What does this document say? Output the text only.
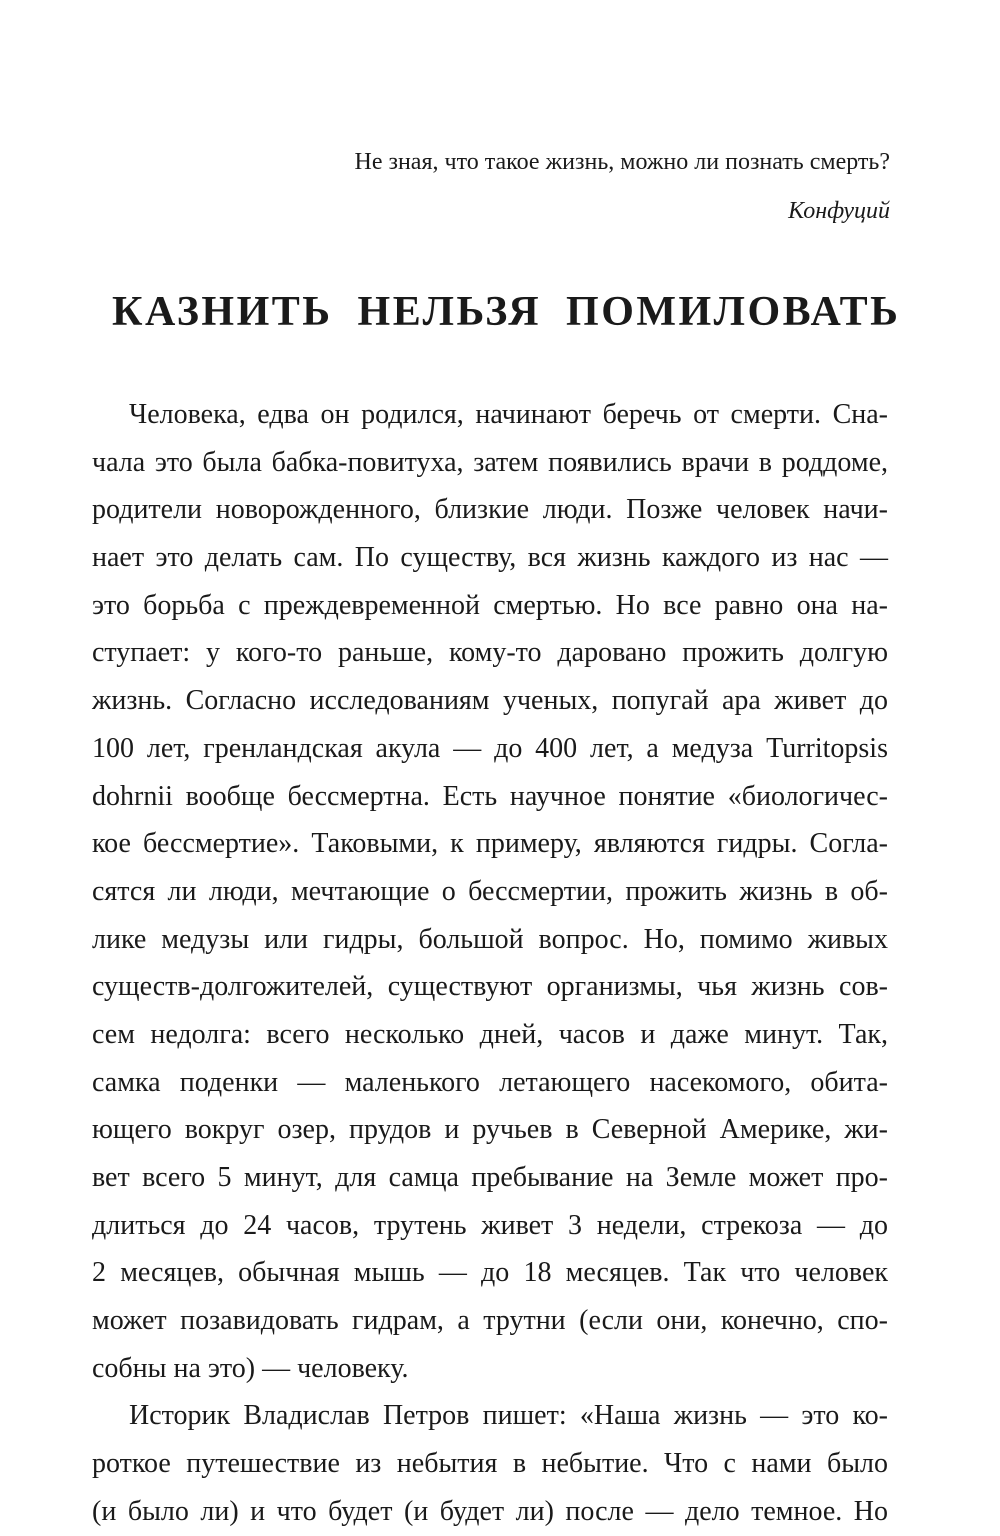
Не зная, что такое жизнь, можно ли познать смерть?
Конфуций
КАЗНИТЬ НЕЛЬЗЯ ПОМИЛОВАТЬ
Человека, едва он родился, начинают беречь от смерти. Сна-
чала это была бабка-повитуха, затем появились врачи в роддоме,
родители новорожденного, близкие люди. Позже человек начи-
нает это делать сам. По существу, вся жизнь каждого из нас —
это борьба с преждевременной смертью. Но все равно она на-
ступает: у кого-то раньше, кому-то даровано прожить долгую
жизнь. Согласно исследованиям ученых, попугай ара живет до
100 лет, гренландская акула — до 400 лет, а медуза Turritopsis
dohrnii вообще бессмертна. Есть научное понятие «биологичес-
кое бессмертие». Таковыми, к примеру, являются гидры. Согла-
сятся ли люди, мечтающие о бессмертии, прожить жизнь в об-
лике медузы или гидры, большой вопрос. Но, помимо живых
существ-долгожителей, существуют организмы, чья жизнь сов-
сем недолга: всего несколько дней, часов и даже минут. Так,
самка поденки — маленького летающего насекомого, обита-
ющего вокруг озер, прудов и ручьев в Северной Америке, жи-
вет всего 5 минут, для самца пребывание на Земле может про-
длиться до 24 часов, трутень живет 3 недели, стрекоза — до
2 месяцев, обычная мышь — до 18 месяцев. Так что человек
может позавидовать гидрам, а трутни (если они, конечно, спо-
собны на это) — человеку.
Историк Владислав Петров пишет: «Наша жизнь — это ко-
роткое путешествие из небытия в небытие. Что с нами было
(и было ли) и что будет (и будет ли) после — дело темное. Но
